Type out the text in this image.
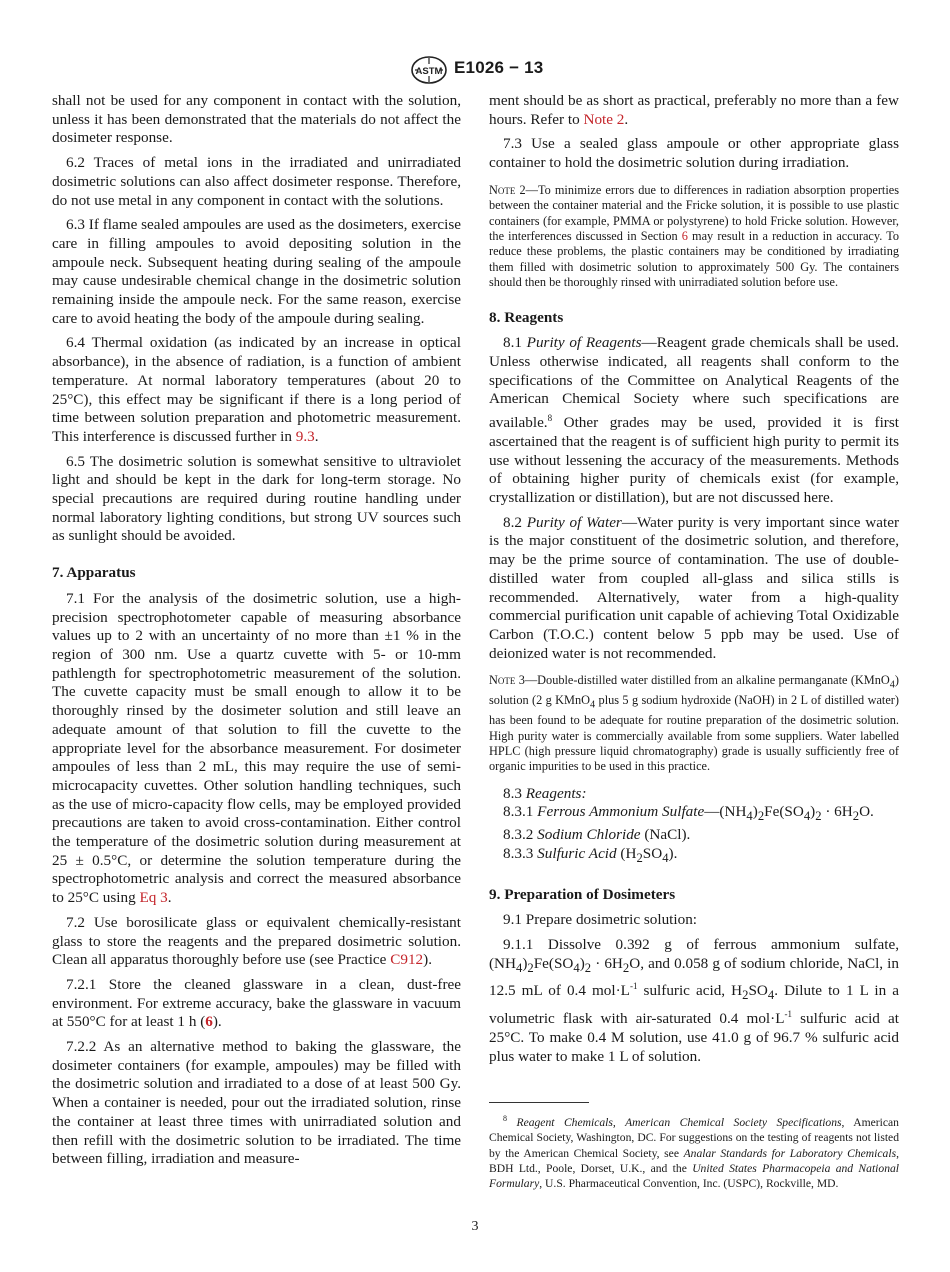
ASTM E1026 − 13

shall not be used for any component in contact with the solution, unless it has been demonstrated that the materials do not affect the dosimeter response.

6.2 Traces of metal ions in the irradiated and unirradiated dosimetric solutions can also affect dosimeter response. Therefore, do not use metal in any component in contact with the solutions.

6.3 If flame sealed ampoules are used as the dosimeters, exercise care in filling ampoules to avoid depositing solution in the ampoule neck. Subsequent heating during sealing of the ampoule may cause undesirable chemical change in the dosimetric solution remaining inside the ampoule neck. For the same reason, exercise care to avoid heating the body of the ampoule during sealing.

6.4 Thermal oxidation (as indicated by an increase in optical absorbance), in the absence of radiation, is a function of ambient temperature. At normal laboratory temperatures (about 20 to 25°C), this effect may be significant if there is a long period of time between solution preparation and photometric measurement. This interference is discussed further in 9.3.

6.5 The dosimetric solution is somewhat sensitive to ultraviolet light and should be kept in the dark for long-term storage. No special precautions are required during routine handling under normal laboratory lighting conditions, but strong UV sources such as sunlight should be avoided.

7. Apparatus

7.1 For the analysis of the dosimetric solution, use a high-precision spectrophotometer capable of measuring absorbance values up to 2 with an uncertainty of no more than ±1 % in the region of 300 nm. Use a quartz cuvette with 5- or 10-mm pathlength for spectrophotometric measurement of the solution. The cuvette capacity must be small enough to allow it to be thoroughly rinsed by the dosimeter solution and still leave an adequate amount of that solution to fill the cuvette to the appropriate level for the absorbance measurement. For dosimeter ampoules of less than 2 mL, this may require the use of semi-microcapacity cuvettes. Other solution handling techniques, such as the use of micro-capacity flow cells, may be employed provided precautions are taken to avoid cross-contamination. Either control the temperature of the dosimetric solution during measurement at 25 ± 0.5°C, or determine the solution temperature during the spectrophotometric analysis and correct the measured absorbance to 25°C using Eq 3.

7.2 Use borosilicate glass or equivalent chemically-resistant glass to store the reagents and the prepared dosimetric solution. Clean all apparatus thoroughly before use (see Practice C912).

7.2.1 Store the cleaned glassware in a clean, dust-free environment. For extreme accuracy, bake the glassware in vacuum at 550°C for at least 1 h (6).

7.2.2 As an alternative method to baking the glassware, the dosimeter containers (for example, ampoules) may be filled with the dosimetric solution and irradiated to a dose of at least 500 Gy. When a container is needed, pour out the irradiated solution, rinse the container at least three times with unirradiated solution and then refill with the dosimetric solution to be irradiated. The time between filling, irradiation and measure-

ment should be as short as practical, preferably no more than a few hours. Refer to Note 2.

7.3 Use a sealed glass ampoule or other appropriate glass container to hold the dosimetric solution during irradiation.

Note 2—To minimize errors due to differences in radiation absorption properties between the container material and the Fricke solution, it is possible to use plastic containers (for example, PMMA or polystyrene) to hold Fricke solution. However, the interferences discussed in Section 6 may result in a reduction in accuracy. To reduce these problems, the plastic containers may be conditioned by irradiating them filled with dosimetric solution to approximately 500 Gy. The containers should then be thoroughly rinsed with unirradiated solution before use.

8. Reagents

8.1 Purity of Reagents—Reagent grade chemicals shall be used. Unless otherwise indicated, all reagents shall conform to the specifications of the Committee on Analytical Reagents of the American Chemical Society where such specifications are available.$^8$ Other grades may be used, provided it is first ascertained that the reagent is of sufficient high purity to permit its use without lessening the accuracy of the measurements. Methods of obtaining higher purity of chemicals exist (for example, crystallization or distillation), but are not discussed here.

8.2 Purity of Water—Water purity is very important since water is the major constituent of the dosimetric solution, and therefore, may be the prime source of contamination. The use of double-distilled water from coupled all-glass and silica stills is recommended. Alternatively, water from a high-quality commercial purification unit capable of achieving Total Oxidizable Carbon (T.O.C.) content below 5 ppb may be used. Use of deionized water is not recommended.

Note 3—Double-distilled water distilled from an alkaline permanganate (KMnO$_4$) solution (2 g KMnO$_4$ plus 5 g sodium hydroxide (NaOH) in 2 L of distilled water) has been found to be adequate for routine preparation of the dosimetric solution. High purity water is commercially available from some suppliers. Water labelled HPLC (high pressure liquid chromatography) grade is usually sufficiently free of organic impurities to be used in this practice.

8.3 Reagents:

8.3.1 Ferrous Ammonium $Sulfate—(NH_4)_2Fe(SO_4)_2 \cdot 6H_2O$.

8.3.2 Sodium Chloride (NaCl).

8.3.3 Sulfuric Acid $(H_2SO_4)$.

9. Preparation of Dosimeters

9.1 Prepare dosimetric solution:

9.1.1 Dissolve 0.392 g of ferrous ammonium sulfate, $(NH_4)_2Fe(SO_4)_2 \cdot 6H_2O$, and 0.058 g of sodium chloride, NaCl, in 12.5 mL of 0.4 $mol\cdot L^{-1}$ sulfuric acid, $H_2SO_4$. Dilute to 1 L in a volumetric flask with air-saturated 0.4 $mol\cdot L^{-1}$ sulfuric acid at 25°C. To make 0.4 M solution, use 41.0 g of 96.7 % sulfuric acid plus water to make 1 L of solution.

$^8$ Reagent Chemicals, American Chemical Society Specifications, American Chemical Society, Washington, DC. For suggestions on the testing of reagents not listed by the American Chemical Society, see Analar Standards for Laboratory Chemicals, BDH Ltd., Poole, Dorset, U.K., and the United States Pharmacopeia and National Formulary, U.S. Pharmaceutical Convention, Inc. (USPC), Rockville, MD.

3
